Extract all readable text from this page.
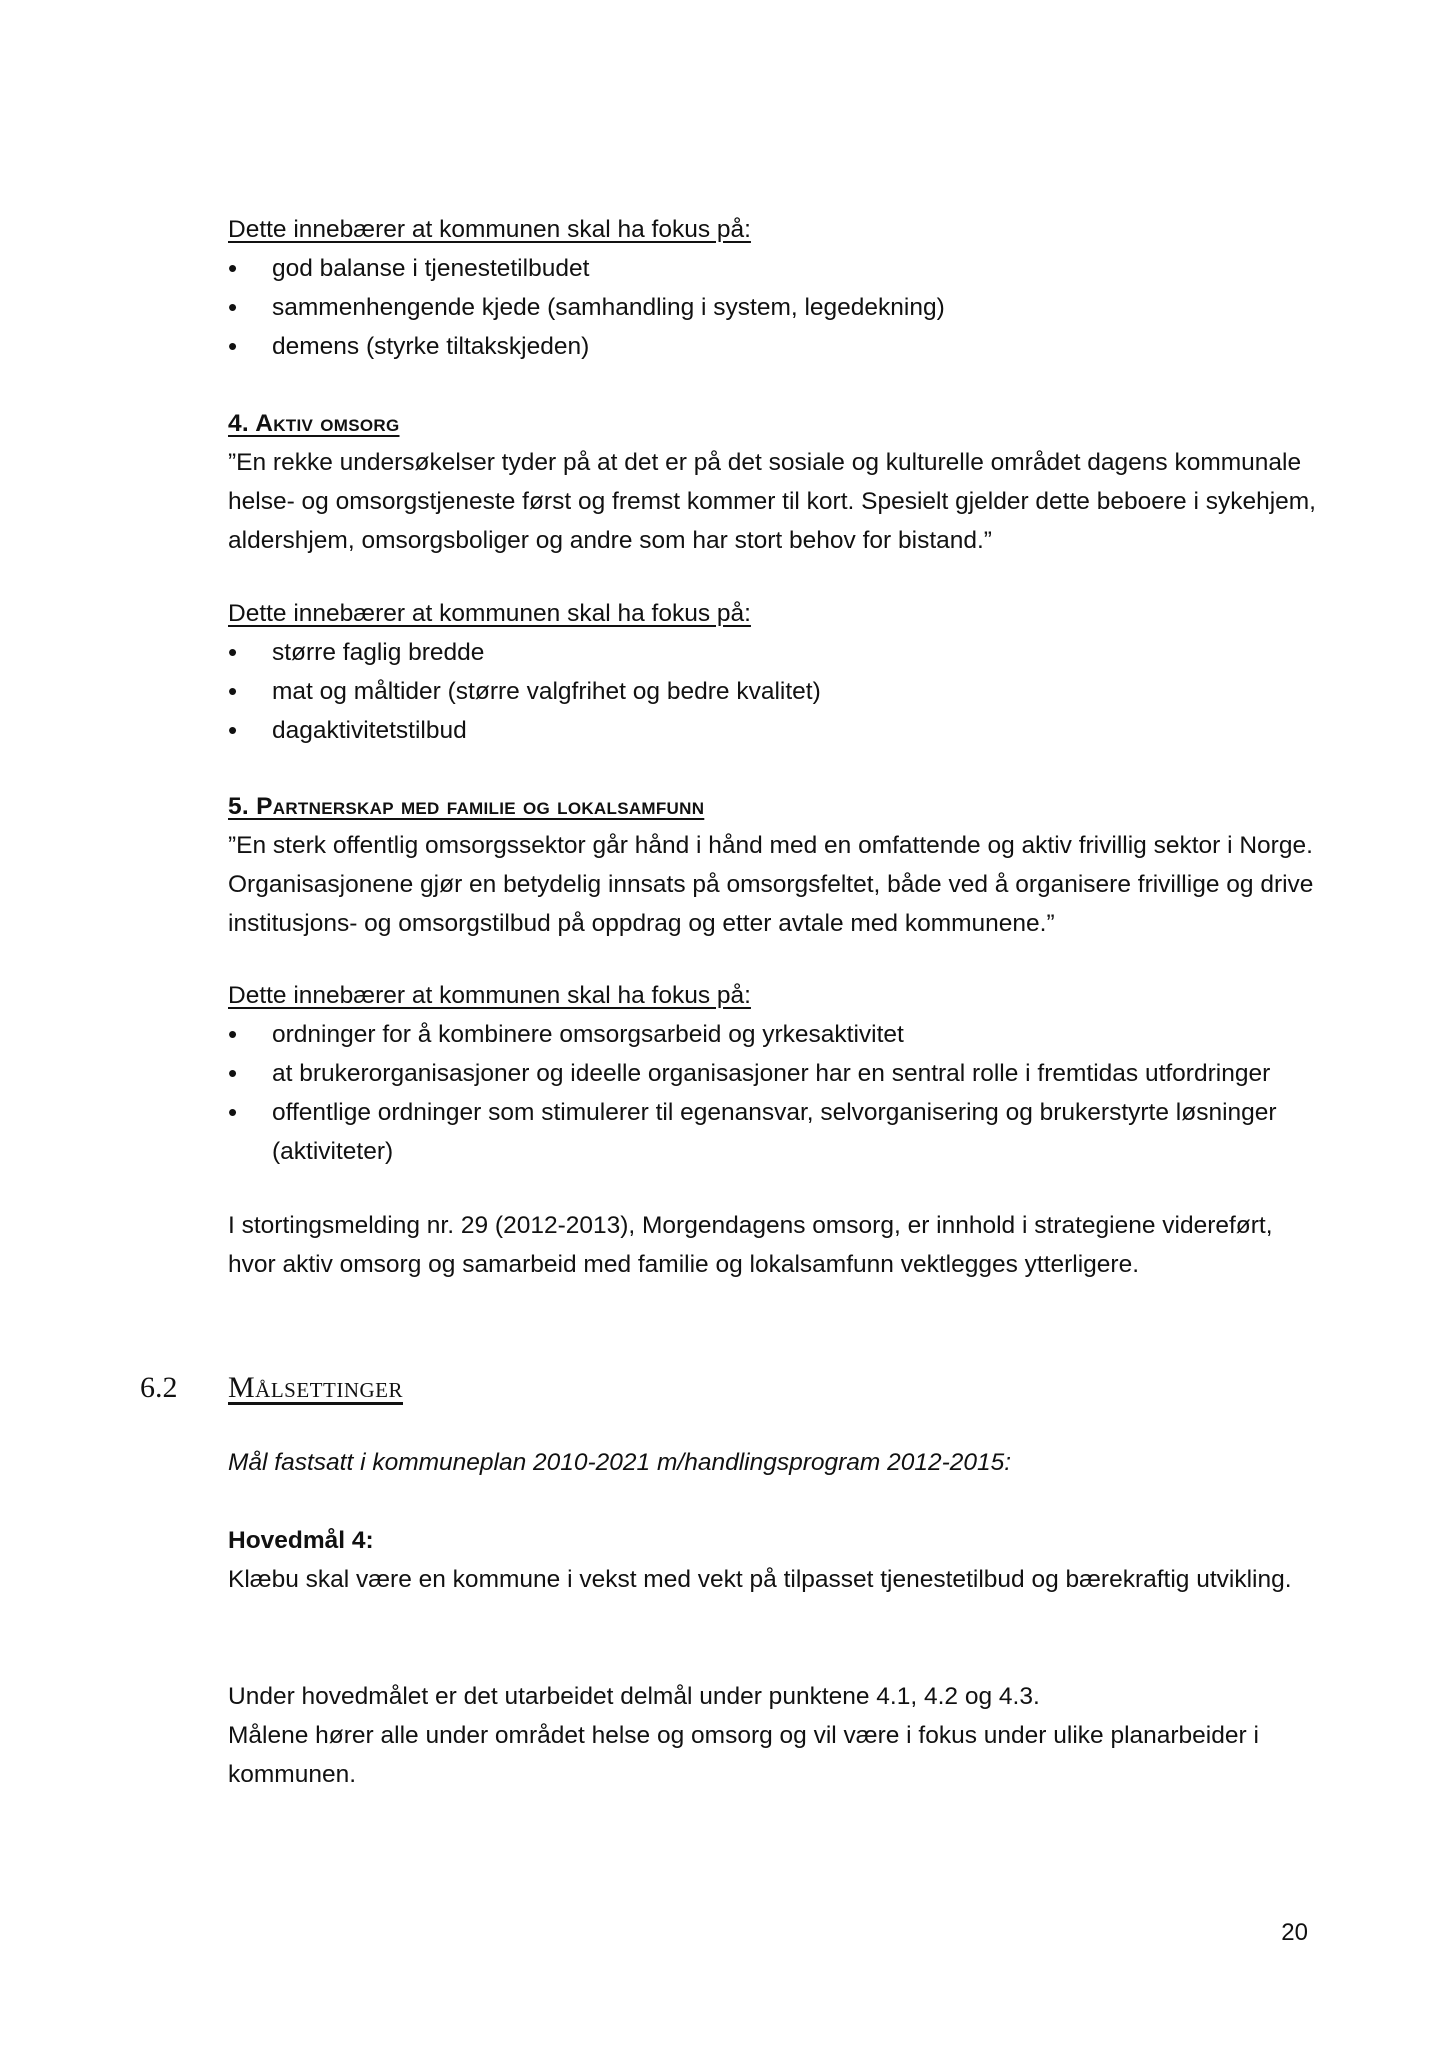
Dette innebærer at kommunen skal ha fokus på:

• god balanse i tjenestetilbudet
• sammenhengende kjede (samhandling i system, legedekning)
• demens (styrke tiltakskjeden)

4. Aktiv omsorg

”En rekke undersøkelser tyder på at det er på det sosiale og kulturelle området dagens kommunale helse- og omsorgstjeneste først og fremst kommer til kort. Spesielt gjelder dette beboere i sykehjem, aldershjem, omsorgsboliger og andre som har stort behov for bistand.”

Dette innebærer at kommunen skal ha fokus på:

• større faglig bredde
• mat og måltider (større valgfrihet og bedre kvalitet)
• dagaktivitetstilbud

5. Partnerskap med familie og lokalsamfunn

”En sterk offentlig omsorgssektor går hånd i hånd med en omfattende og aktiv frivillig sektor i Norge. Organisasjonene gjør en betydelig innsats på omsorgsfeltet, både ved å organisere frivillige og drive institusjons- og omsorgstilbud på oppdrag og etter avtale med kommunene.”

Dette innebærer at kommunen skal ha fokus på:

• ordninger for å kombinere omsorgsarbeid og yrkesaktivitet
• at brukerorganisasjoner og ideelle organisasjoner har en sentral rolle i fremtidas utfordringer
• offentlige ordninger som stimulerer til egenansvar, selvorganisering og brukerstyrte løsninger (aktiviteter)

I stortingsmelding nr. 29 (2012-2013), Morgendagens omsorg, er innhold i strategiene videreført, hvor aktiv omsorg og samarbeid med familie og lokalsamfunn vektlegges ytterligere.

6.2 Målsettinger

Mål fastsatt i kommuneplan 2010-2021 m/handlingsprogram 2012-2015:

Hovedmål 4:

Klæbu skal være en kommune i vekst med vekt på tilpasset tjenestetilbud og bærekraftig utvikling.

Under hovedmålet er det utarbeidet delmål under punktene 4.1, 4.2 og 4.3.

Målene hører alle under området helse og omsorg og vil være i fokus under ulike planarbeider i kommunen.

20
